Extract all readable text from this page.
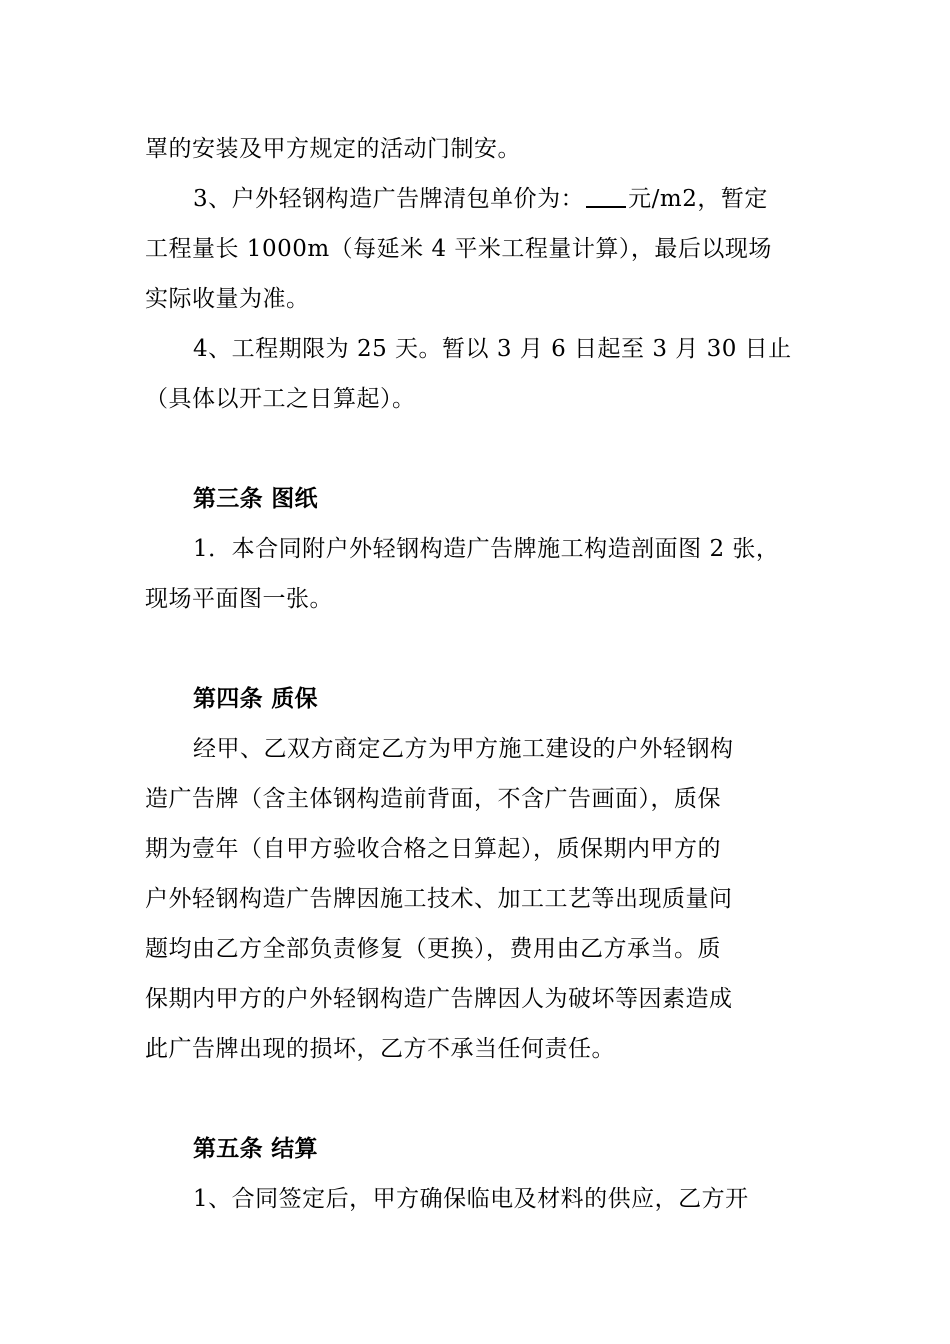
罩的安装及甲方规定的活动门制安。
3、户外轻钢构造广告牌清包单价为： 元/m2，暂定
工程量长 1000m（每延米 4 平米工程量计算），最后以现场
实际收量为准。
4、工程期限为 25 天。暂以 3 月 6 日起至 3 月 30 日止
（具体以开工之日算起）。
第三条 图纸
1．本合同附户外轻钢构造广告牌施工构造剖面图 2 张，
现场平面图一张。
第四条 质保
经甲、乙双方商定乙方为甲方施工建设的户外轻钢构
造广告牌（含主体钢构造前背面，不含广告画面），质保
期为壹年（自甲方验收合格之日算起），质保期内甲方的
户外轻钢构造广告牌因施工技术、加工工艺等出现质量问
题均由乙方全部负责修复（更换），费用由乙方承当。质
保期内甲方的户外轻钢构造广告牌因人为破坏等因素造成
此广告牌出现的损坏，乙方不承当任何责任。
第五条 结算
1、合同签定后，甲方确保临电及材料的供应，乙方开
